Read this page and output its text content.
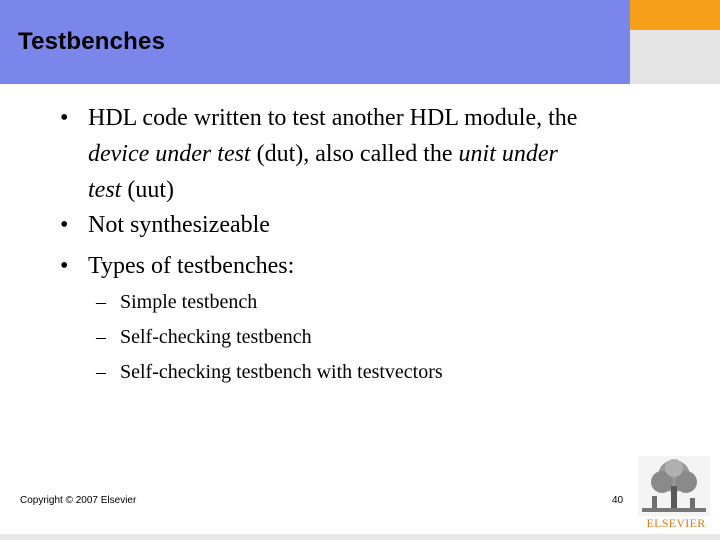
Testbenches
• HDL code written to test another HDL module, the
device under test (dut), also called the unit under
test (uut)
• Not synthesizeable
• Types of testbenches:
– Simple testbench
– Self-checking testbench
– Self-checking testbench with testvectors
Copyright © 2007 Elsevier	40
ELSEVIER
